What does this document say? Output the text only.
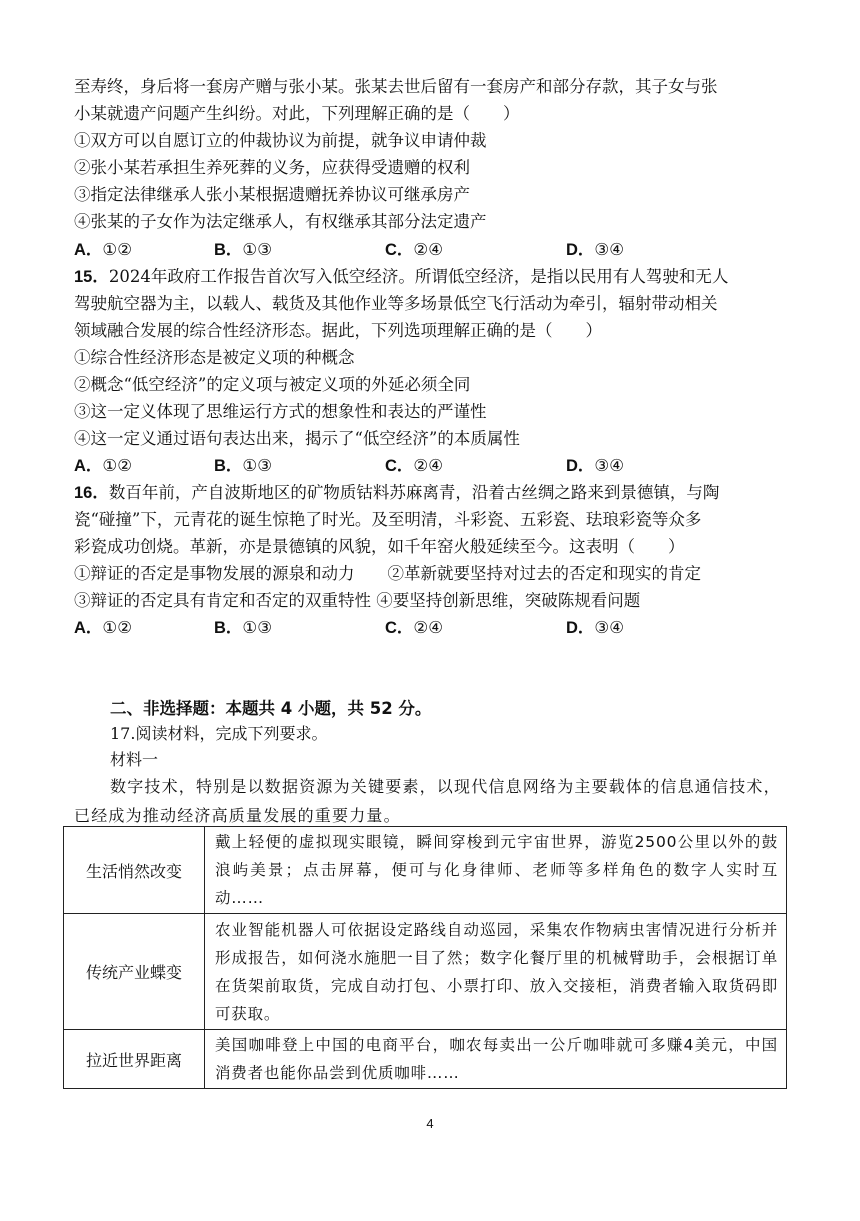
至寿终，身后将一套房产赠与张小某。张某去世后留有一套房产和部分存款，其子女与张
小某就遗产问题产生纠纷。对此，下列理解正确的是（　　）
①双方可以自愿订立的仲裁协议为前提，就争议申请仲裁
②张小某若承担生养死葬的义务，应获得受遗赠的权利
③指定法律继承人张小某根据遗赠抚养协议可继承房产
④张某的子女作为法定继承人，有权继承其部分法定遗产
A．①②	B．①③	C．②④	D．③④
15．2024年政府工作报告首次写入低空经济。所谓低空经济，是指以民用有人驾驶和无人
驾驶航空器为主，以载人、载货及其他作业等多场景低空飞行活动为牵引，辐射带动相关
领域融合发展的综合性经济形态。据此，下列选项理解正确的是（　　）
①综合性经济形态是被定义项的种概念
②概念“低空经济”的定义项与被定义项的外延必须全同
③这一定义体现了思维运行方式的想象性和表达的严谨性
④这一定义通过语句表达出来，揭示了“低空经济”的本质属性
A．①②	B．①③	C．②④	D．③④
16．数百年前，产自波斯地区的矿物质钴料苏麻离青，沿着古丝绸之路来到景德镇，与陶
瓷“碰撞”下，元青花的诞生惊艳了时光。及至明清，斗彩瓷、五彩瓷、珐琅彩瓷等众多
彩瓷成功创烧。革新，亦是景德镇的风貌，如千年窑火般延续至今。这表明（　　）
①辩证的否定是事物发展的源泉和动力　　②革新就要坚持对过去的否定和现实的肯定
③辩证的否定具有肯定和否定的双重特性 ④要坚持创新思维，突破陈规看问题
A．①②	B．①③	C．②④	D．③④
二、非选择题：本题共 4 小题，共 52 分。
17.阅读材料，完成下列要求。
材料一
数字技术，特别是以数据资源为关键要素，以现代信息网络为主要载体的信息通信技术，已经成为推动经济高质量发展的重要力量。
生活悄然改变	戴上轻便的虚拟现实眼镜，瞬间穿梭到元宇宙世界，游览2500公里以外的鼓浪屿美景；点击屏幕，便可与化身律师、老师等多样角色的数字人实时互动……
传统产业蝶变	农业智能机器人可依据设定路线自动巡园，采集农作物病虫害情况进行分析并形成报告，如何浇水施肥一目了然；数字化餐厅里的机械臂助手，会根据订单在货架前取货，完成自动打包、小票打印、放入交接柜，消费者输入取货码即可获取。
拉近世界距离	美国咖啡登上中国的电商平台，咖农每卖出一公斤咖啡就可多赚4美元，中国消费者也能你品尝到优质咖啡……
4
